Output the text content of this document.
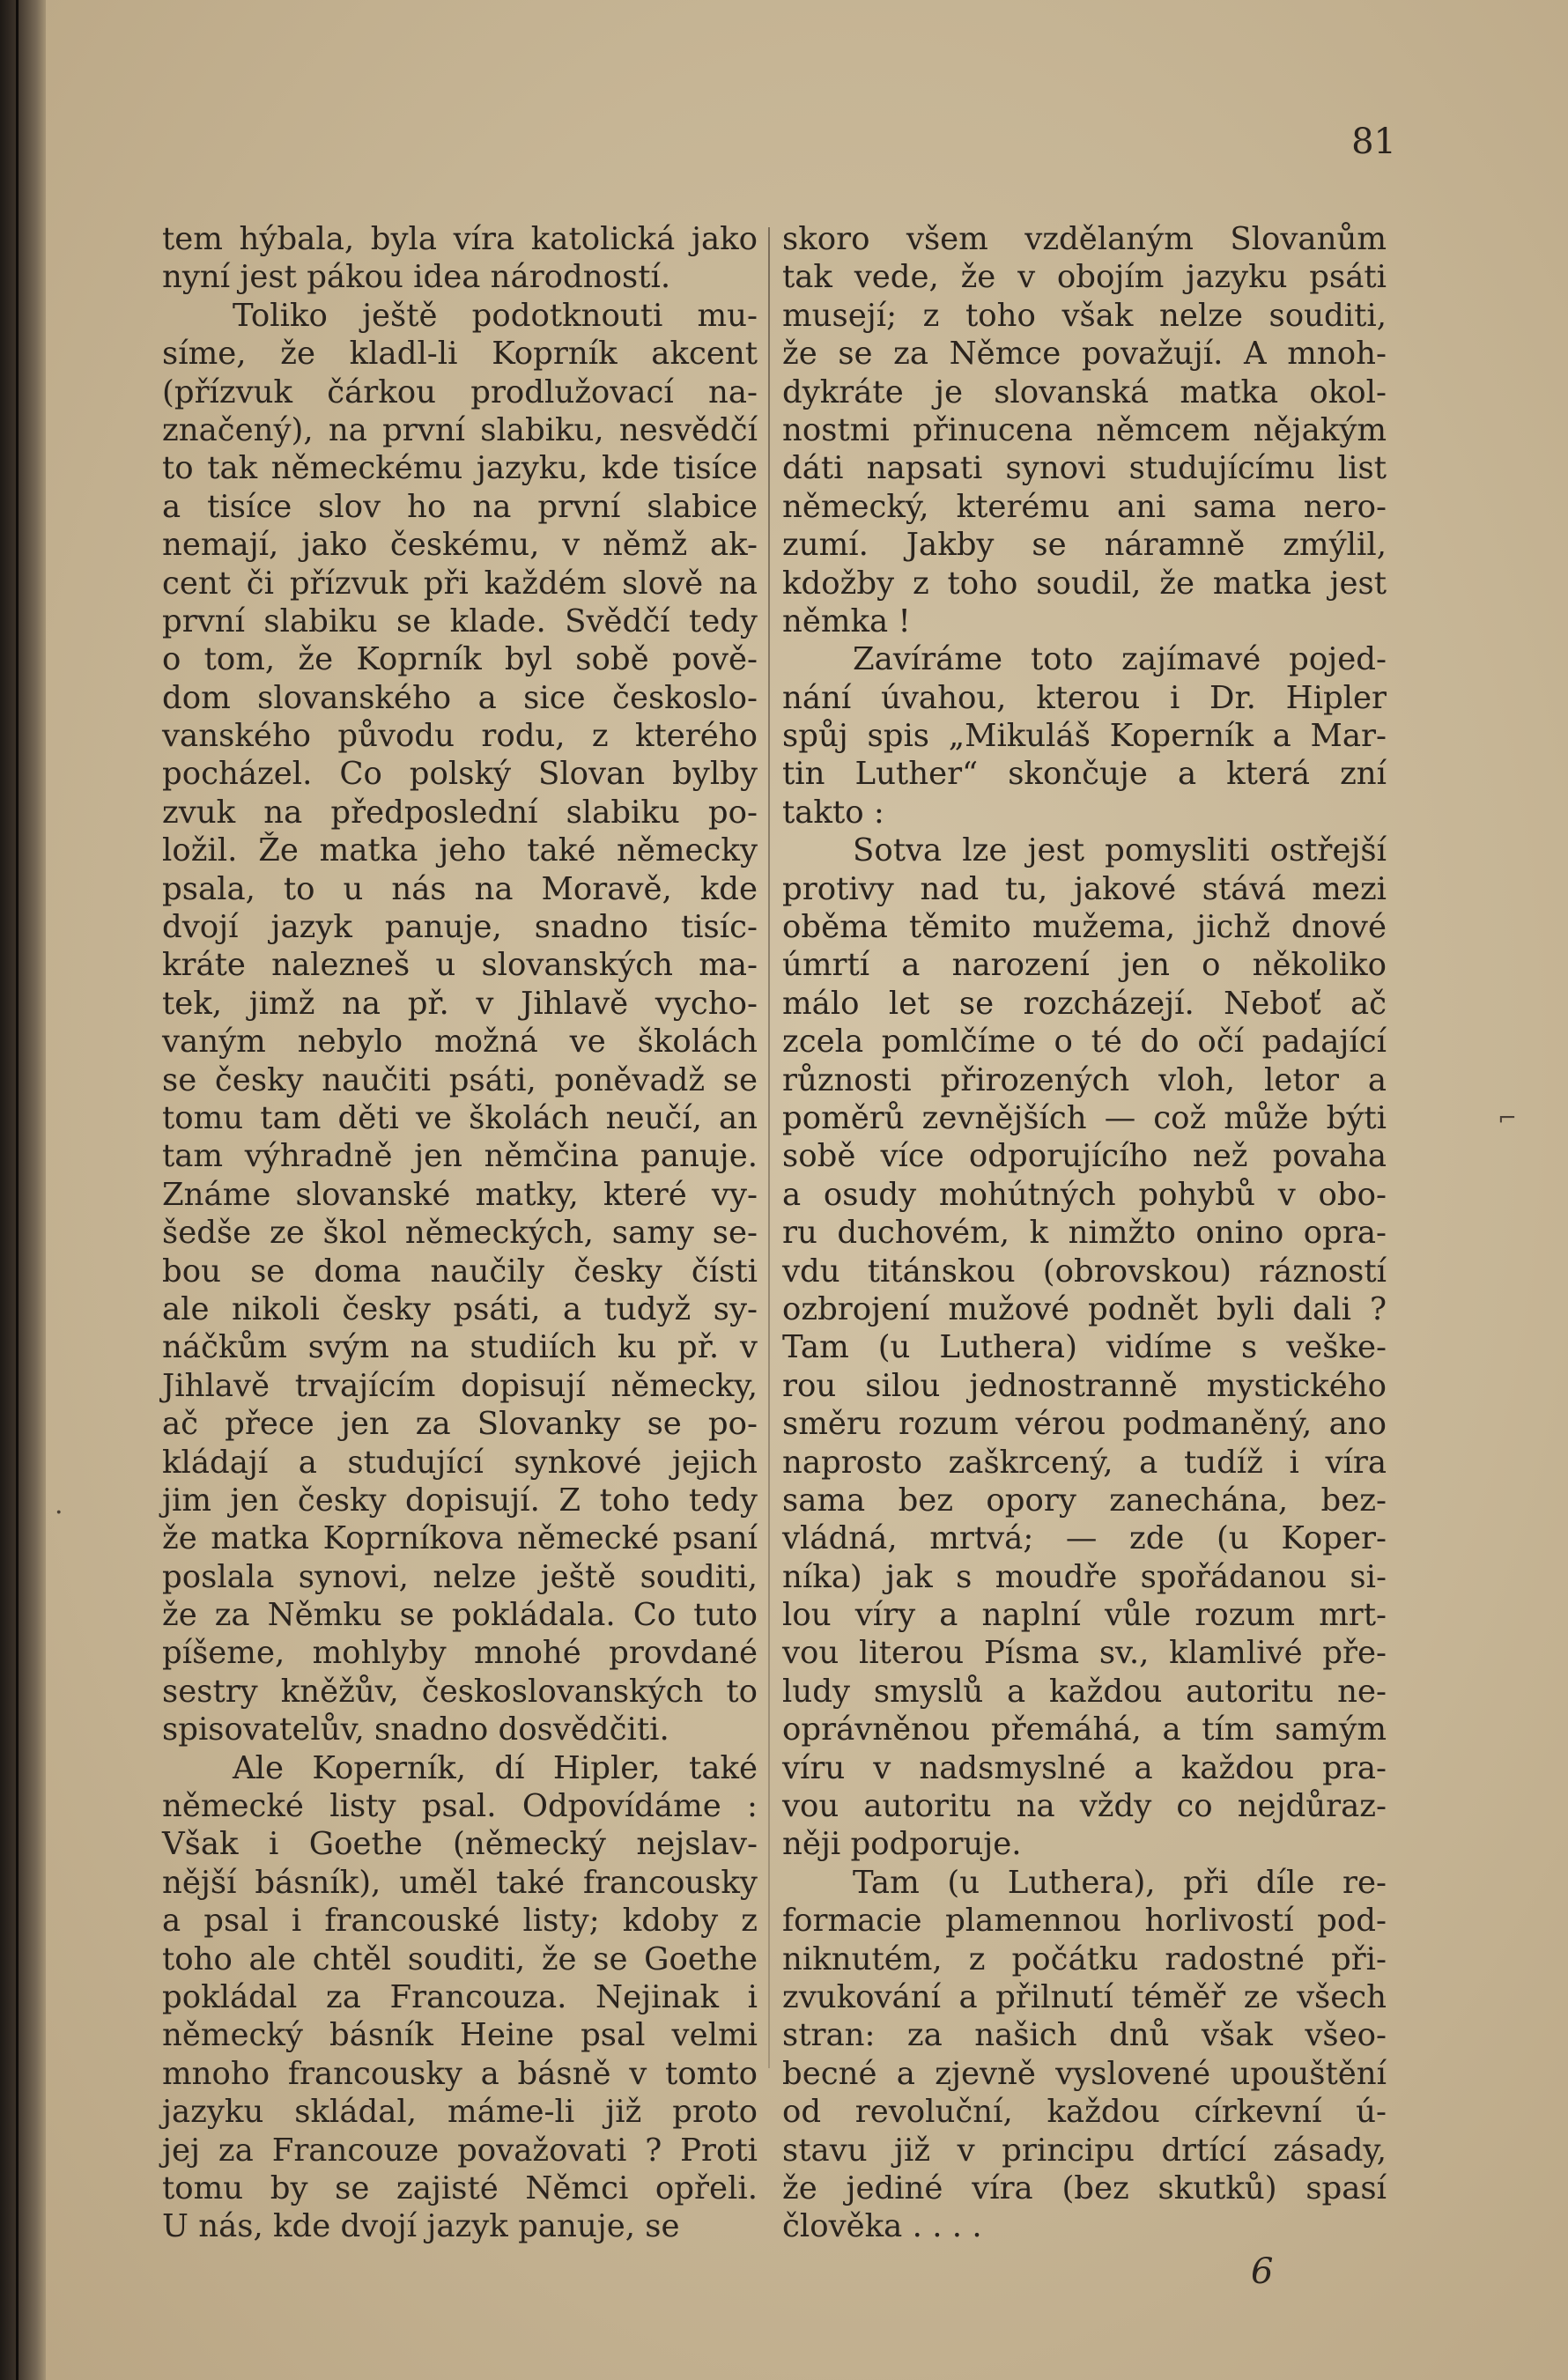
81
tem hýbala, byla víra katolická jako
nyní jest pákou idea národností.
Toliko ještě podotknouti mu-
síme, že kladl-li Koprník akcent
(přízvuk čárkou prodlužovací na-
značený), na první slabiku, nesvědčí
to tak německému jazyku, kde tisíce
a tisíce slov ho na první slabice
nemají, jako českému, v němž ak-
cent či přízvuk při každém slově na
první slabiku se klade. Svědčí tedy
o tom, že Koprník byl sobě pově-
dom slovanského a sice českoslo-
vanského původu rodu, z kterého
pocházel. Co polský Slovan bylby
zvuk na předposlední slabiku po-
ložil. Že matka jeho také německy
psala, to u nás na Moravě, kde
dvojí jazyk panuje, snadno tisíc-
kráte nalezneš u slovanských ma-
tek, jimž na př. v Jihlavě vycho-
vaným nebylo možná ve školách
se česky naučiti psáti, poněvadž se
tomu tam děti ve školách neučí, an
tam výhradně jen němčina panuje.
Známe slovanské matky, které vy-
šedše ze škol německých, samy se-
bou se doma naučily česky čísti
ale nikoli česky psáti, a tudyž sy-
náčkům svým na studiích ku př. v
Jihlavě trvajícím dopisují německy,
ač přece jen za Slovanky se po-
kládají a studující synkové jejich
jim jen česky dopisují. Z toho tedy
že matka Koprníkova německé psaní
poslala synovi, nelze ještě souditi,
že za Němku se pokládala. Co tuto
píšeme, mohlyby mnohé provdané
sestry kněžův, českoslovanských to
spisovatelův, snadno dosvědčiti.
Ale Koperník, dí Hipler, také
německé listy psal. Odpovídáme :
Však i Goethe (německý nejslav-
nější básník), uměl také francousky
a psal i francouské listy; kdoby z
toho ale chtěl souditi, že se Goethe
pokládal za Francouza. Nejinak i
německý básník Heine psal velmi
mnoho francousky a básně v tomto
jazyku skládal, máme-li již proto
jej za Francouze považovati ? Proti
tomu by se zajisté Němci opřeli.
U nás, kde dvojí jazyk panuje, se
skoro všem vzdělaným Slovanům
tak vede, že v obojím jazyku psáti
musejí; z toho však nelze souditi,
že se za Němce považují. A mnoh-
dykráte je slovanská matka okol-
nostmi přinucena němcem nějakým
dáti napsati synovi studujícímu list
německý, kterému ani sama nero-
zumí. Jakby se náramně zmýlil,
kdožby z toho soudil, že matka jest
němka !
Zavíráme toto zajímavé pojed-
nání úvahou, kterou i Dr. Hipler
spůj spis „Mikuláš Koperník a Mar-
tin Luther“ skončuje a která zní
takto :
Sotva lze jest pomysliti ostřejší
protivy nad tu, jakové stává mezi
oběma těmito mužema, jichž dnové
úmrtí a narození jen o několiko
málo let se rozcházejí. Neboť ač
zcela pomlčíme o té do očí padající
různosti přirozených vloh, letor a
poměrů zevnějších — což může býti
sobě více odporujícího než povaha
a osudy mohútných pohybů v obo-
ru duchovém, k nimžto onino opra-
vdu titánskou (obrovskou) rázností
ozbrojení mužové podnět byli dali ?
Tam (u Luthera) vidíme s veške-
rou silou jednostranně mystického
směru rozum vérou podmaněný, ano
naprosto zaškrcený, a tudíž i víra
sama bez opory zanechána, bez-
vládná, mrtvá; — zde (u Koper-
níka) jak s moudře spořádanou si-
lou víry a naplní vůle rozum mrt-
vou literou Písma sv., klamlivé pře-
ludy smyslů a každou autoritu ne-
oprávněnou přemáhá, a tím samým
víru v nadsmyslné a každou pra-
vou autoritu na vždy co nejdůraz-
něji podporuje.
Tam (u Luthera), při díle re-
formacie plamennou horlivostí pod-
niknutém, z počátku radostné při-
zvukování a přilnutí téměř ze všech
stran: za našich dnů však všeo-
becné a zjevně vyslovené upouštění
od revoluční, každou církevní ú-
stavu již v principu drtící zásady,
že jediné víra (bez skutků) spasí
člověka . . . .
6
·
⌐
